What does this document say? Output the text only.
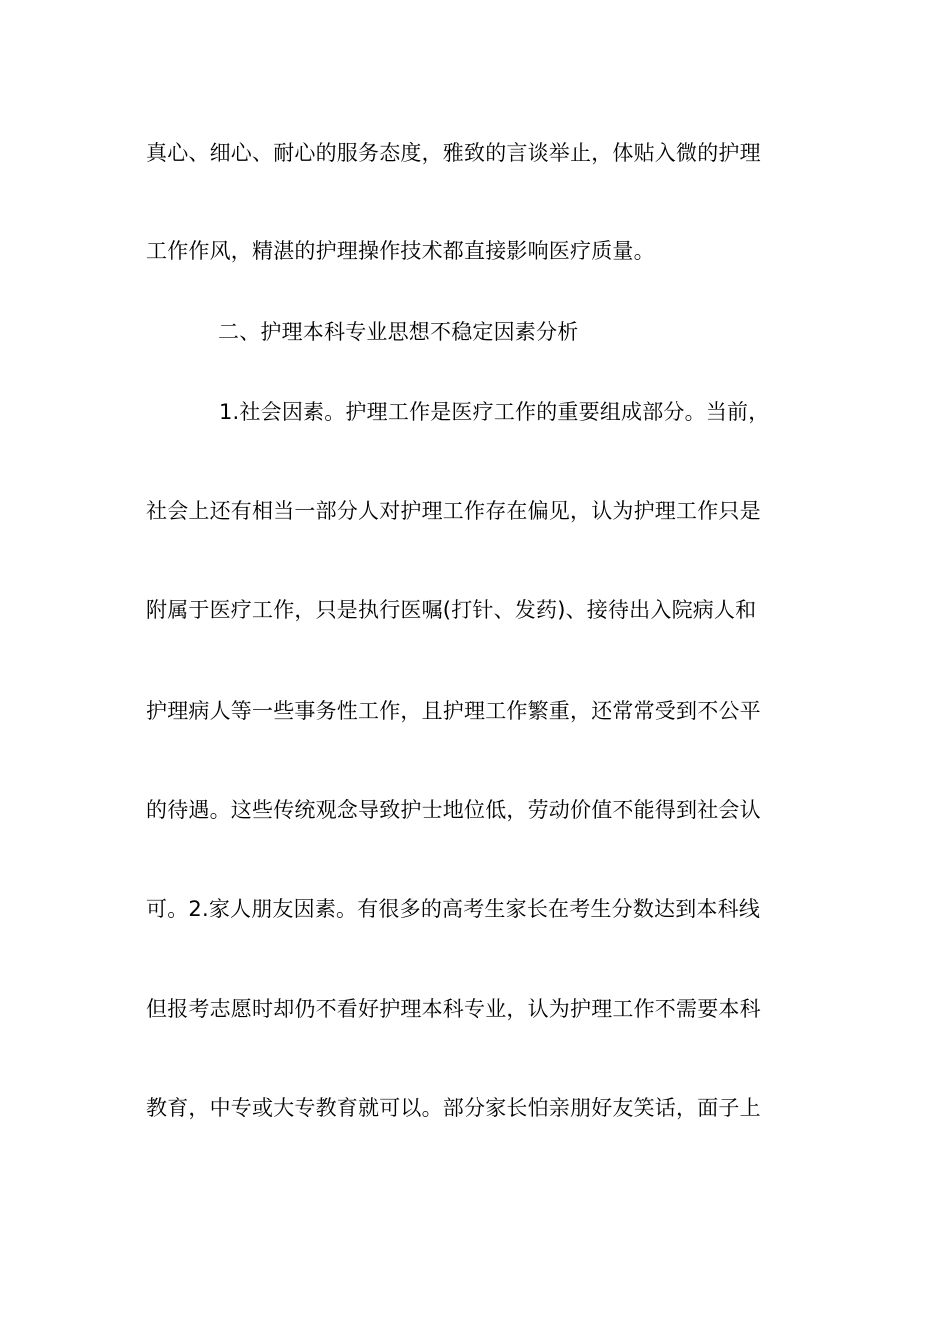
真心、细心、耐心的服务态度，雅致的言谈举止，体贴入微的护理
工作作风，精湛的护理操作技术都直接影响医疗质量。
二、护理本科专业思想不稳定因素分析
1.社会因素。护理工作是医疗工作的重要组成部分。当前，
社会上还有相当一部分人对护理工作存在偏见，认为护理工作只是
附属于医疗工作，只是执行医嘱(打针、发药)、接待出入院病人和
护理病人等一些事务性工作，且护理工作繁重，还常常受到不公平
的待遇。这些传统观念导致护士地位低，劳动价值不能得到社会认
可。2.家人朋友因素。有很多的高考生家长在考生分数达到本科线
但报考志愿时却仍不看好护理本科专业，认为护理工作不需要本科
教育，中专或大专教育就可以。部分家长怕亲朋好友笑话，面子上
